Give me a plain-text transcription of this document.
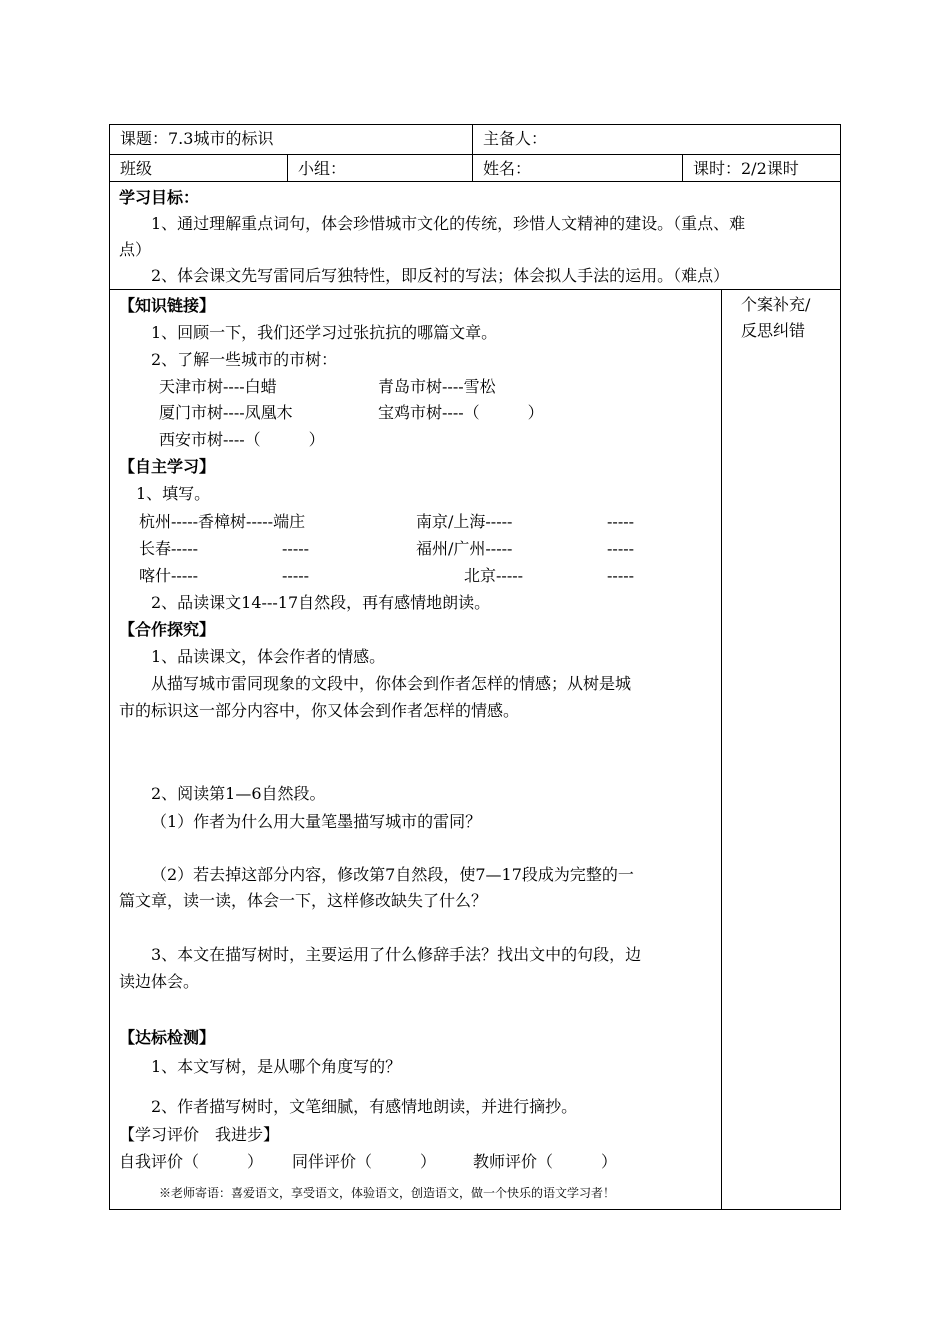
课题：7.3城市的标识	主备人：
班级	小组：	姓名：	课时：2/2课时
学习目标：
1、通过理解重点词句，体会珍惜城市文化的传统，珍惜人文精神的建设。（重点、难
点）
2、体会课文先写雷同后写独特性，即反衬的写法；体会拟人手法的运用。（难点）
【知识链接】
1、回顾一下，我们还学习过张抗抗的哪篇文章。
2、了解一些城市的市树：
天津市树----白蜡	青岛市树----雪松
厦门市树----凤凰木	宝鸡市树----（　　　）
西安市树----（　　　）
【自主学习】
1、填写。
杭州-----香樟树-----端庄	南京/上海-----	-----
长春-----	-----	福州/广州-----	-----
喀什-----	-----	北京-----	-----
2、品读课文14---17自然段，再有感情地朗读。
【合作探究】
1、品读课文，体会作者的情感。
从描写城市雷同现象的文段中，你体会到作者怎样的情感；从树是城
市的标识这一部分内容中，你又体会到作者怎样的情感。
2、阅读第1—6自然段。
（1）作者为什么用大量笔墨描写城市的雷同？
（2）若去掉这部分内容，修改第7自然段，使7—17段成为完整的一
篇文章，读一读，体会一下，这样修改缺失了什么？
3、本文在描写树时，主要运用了什么修辞手法？找出文中的句段，边
读边体会。
【达标检测】
1、本文写树，是从哪个角度写的？
2、作者描写树时，文笔细腻，有感情地朗读，并进行摘抄。
【学习评价　我进步】
自我评价（　　　） 同伴评价（　　　） 教师评价（　　　）
※老师寄语：喜爱语文，享受语文，体验语文，创造语文，做一个快乐的语文学习者！
个案补充/
反思纠错
